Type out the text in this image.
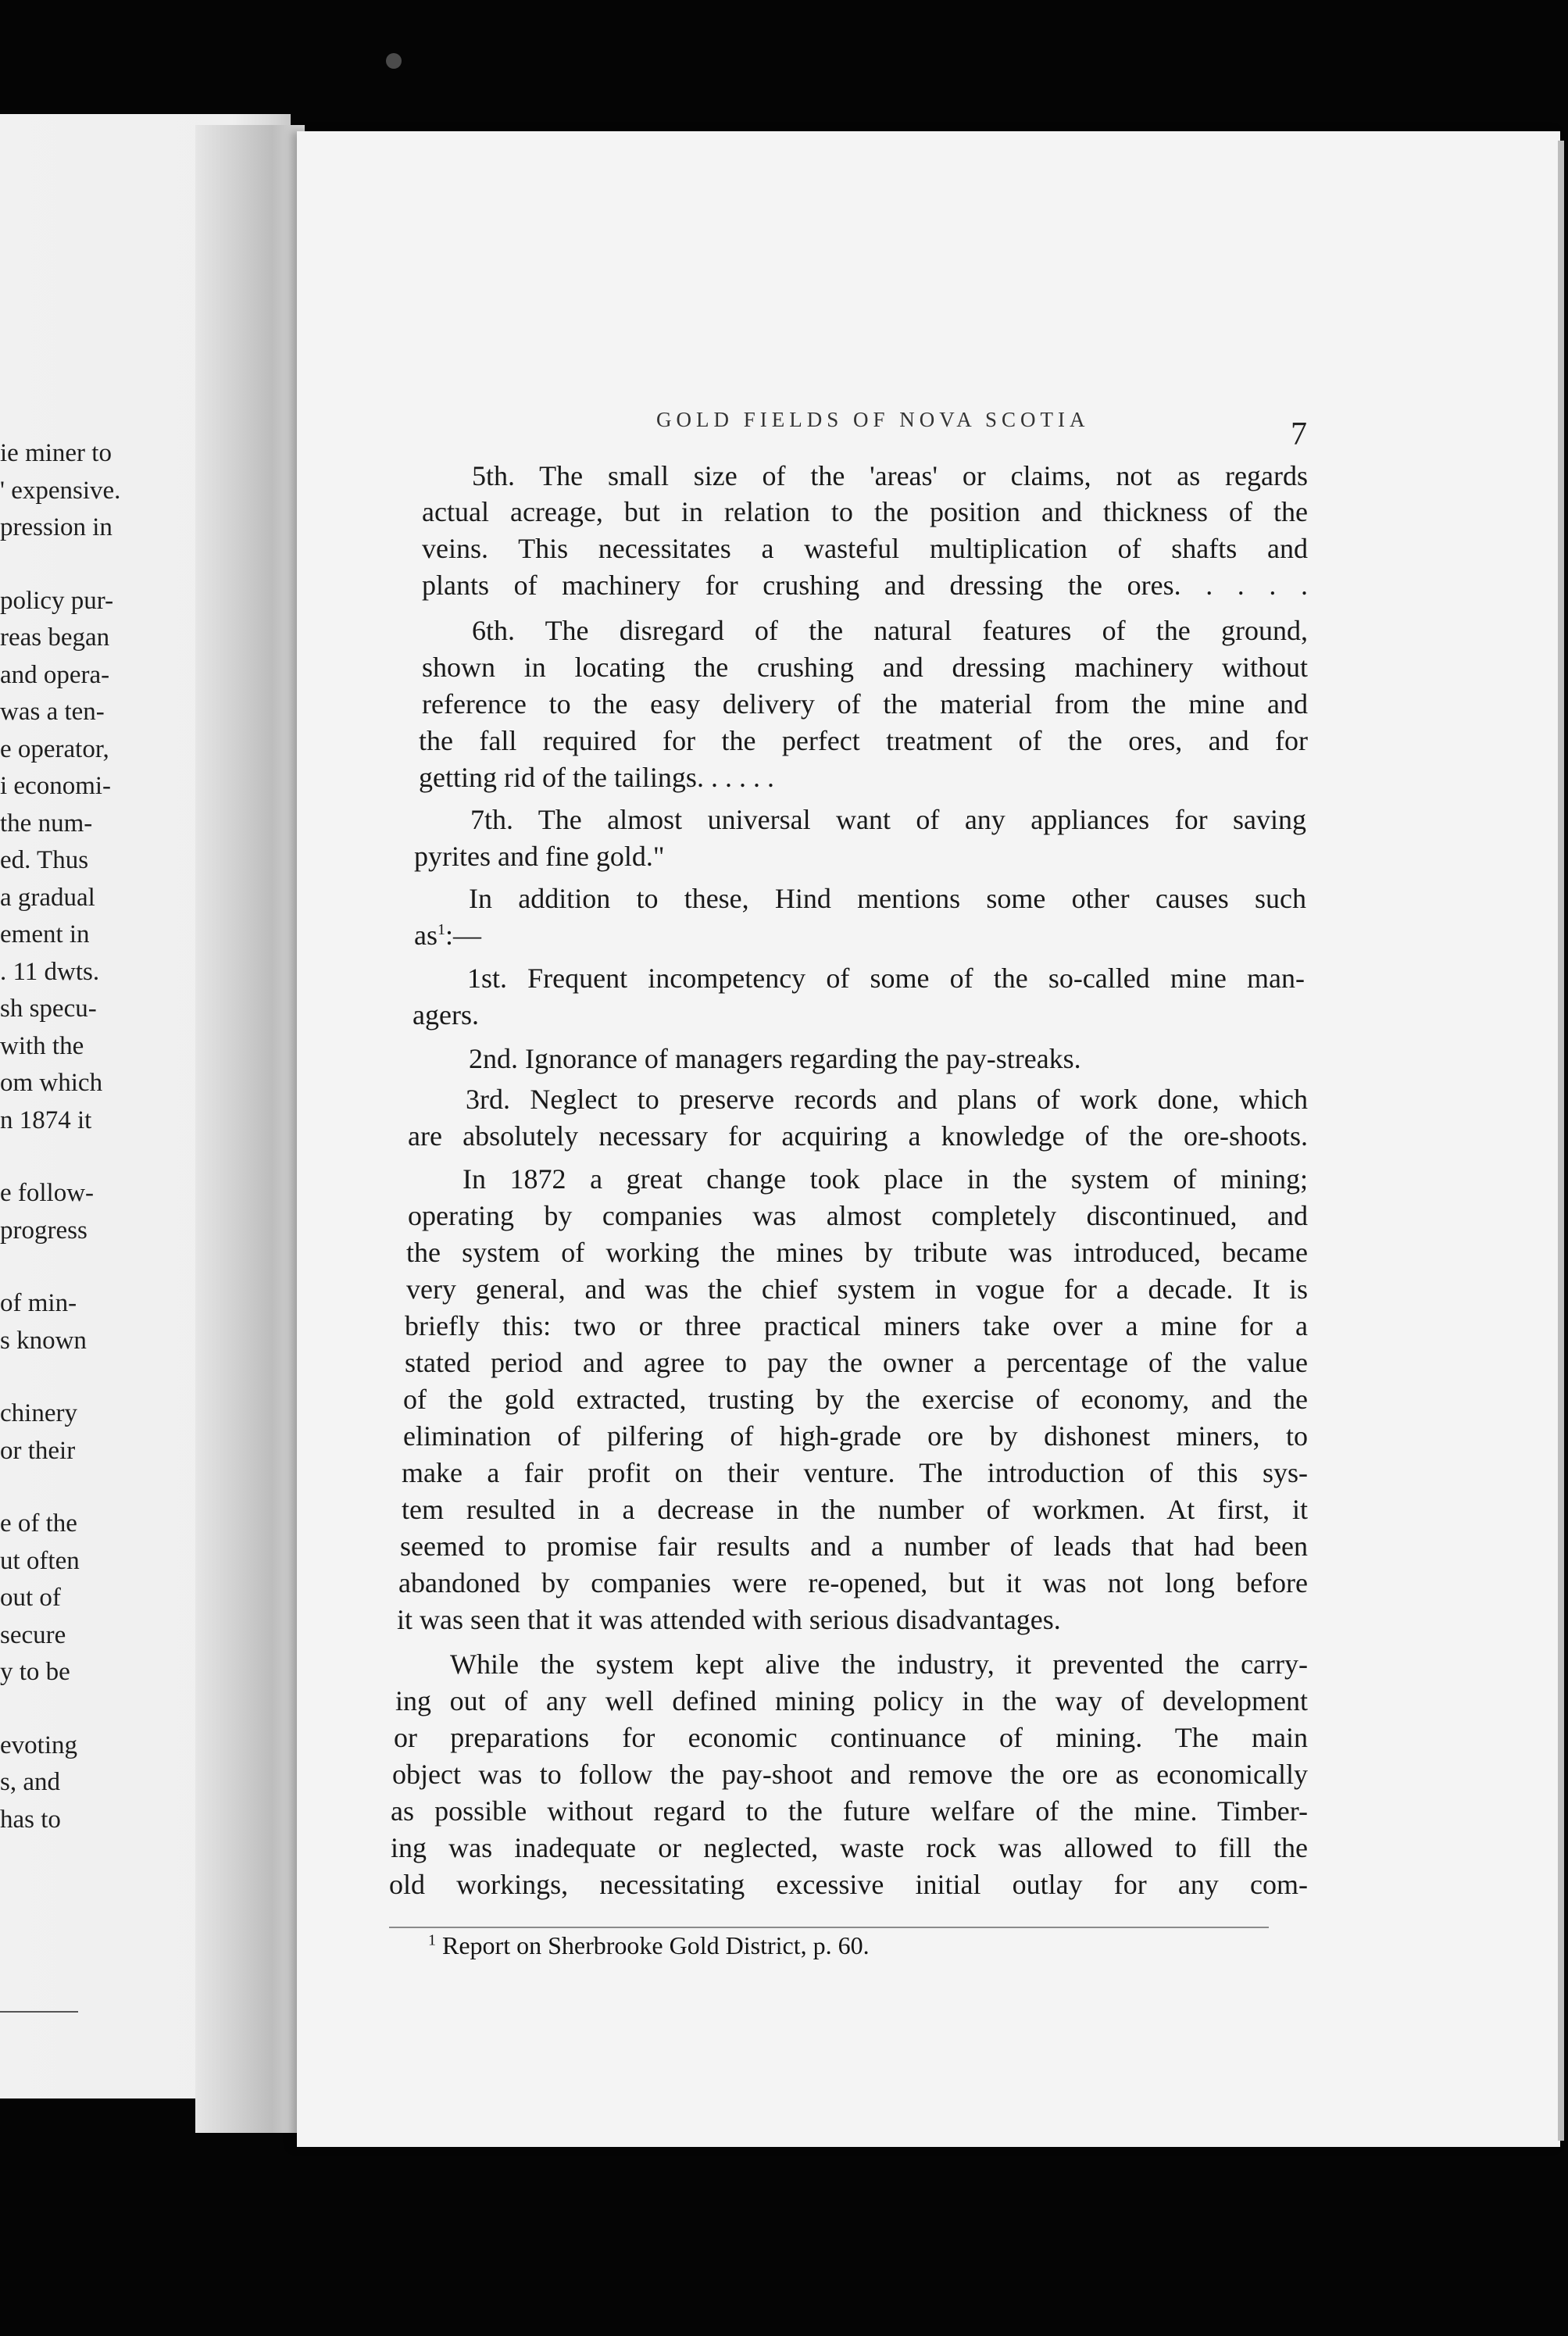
ie miner to
' expensive.
pression in
policy pur-
reas began
and opera-
was a ten-
e operator,
i economi-
the num-
ed. Thus
a gradual
ement in
. 11 dwts.
sh specu-
with the
om which
n 1874 it
e follow-
progress
of min-
s known
chinery
or their
e of the
ut often
out of
secure
y to be
evoting
s, and
has to
GOLD FIELDS OF NOVA SCOTIA	7
5th. The small size of the 'areas' or claims, not as regards
actual acreage, but in relation to the position and thickness of the
veins. This necessitates a wasteful multiplication of shafts and
plants of machinery for crushing and dressing the ores. . . . .
6th. The disregard of the natural features of the ground,
shown in locating the crushing and dressing machinery without
reference to the easy delivery of the material from the mine and
the fall required for the perfect treatment of the ores, and for
getting rid of the tailings. . . . . .
7th. The almost universal want of any appliances for saving
pyrites and fine gold."
In addition to these, Hind mentions some other causes such
$as^1:—$
1st. Frequent incompetency of some of the so-called mine man-
agers.
2nd. Ignorance of managers regarding the pay-streaks.
3rd. Neglect to preserve records and plans of work done, which
are absolutely necessary for acquiring a knowledge of the ore-shoots.
In 1872 a great change took place in the system of mining;
operating by companies was almost completely discontinued, and
the system of working the mines by tribute was introduced, became
very general, and was the chief system in vogue for a decade. It is
briefly this: two or three practical miners take over a mine for a
stated period and agree to pay the owner a percentage of the value
of the gold extracted, trusting by the exercise of economy, and the
elimination of pilfering of high-grade ore by dishonest miners, to
make a fair profit on their venture. The introduction of this sys-
tem resulted in a decrease in the number of workmen. At first, it
seemed to promise fair results and a number of leads that had been
abandoned by companies were re-opened, but it was not long before
it was seen that it was attended with serious disadvantages.
While the system kept alive the industry, it prevented the carry-
ing out of any well defined mining policy in the way of development
or preparations for economic continuance of mining. The main
object was to follow the pay-shoot and remove the ore as economically
as possible without regard to the future welfare of the mine. Timber-
ing was inadequate or neglected, waste rock was allowed to fill the
old workings, necessitating excessive initial outlay for any com-
$^1$ Report on Sherbrooke Gold District, p. 60.
